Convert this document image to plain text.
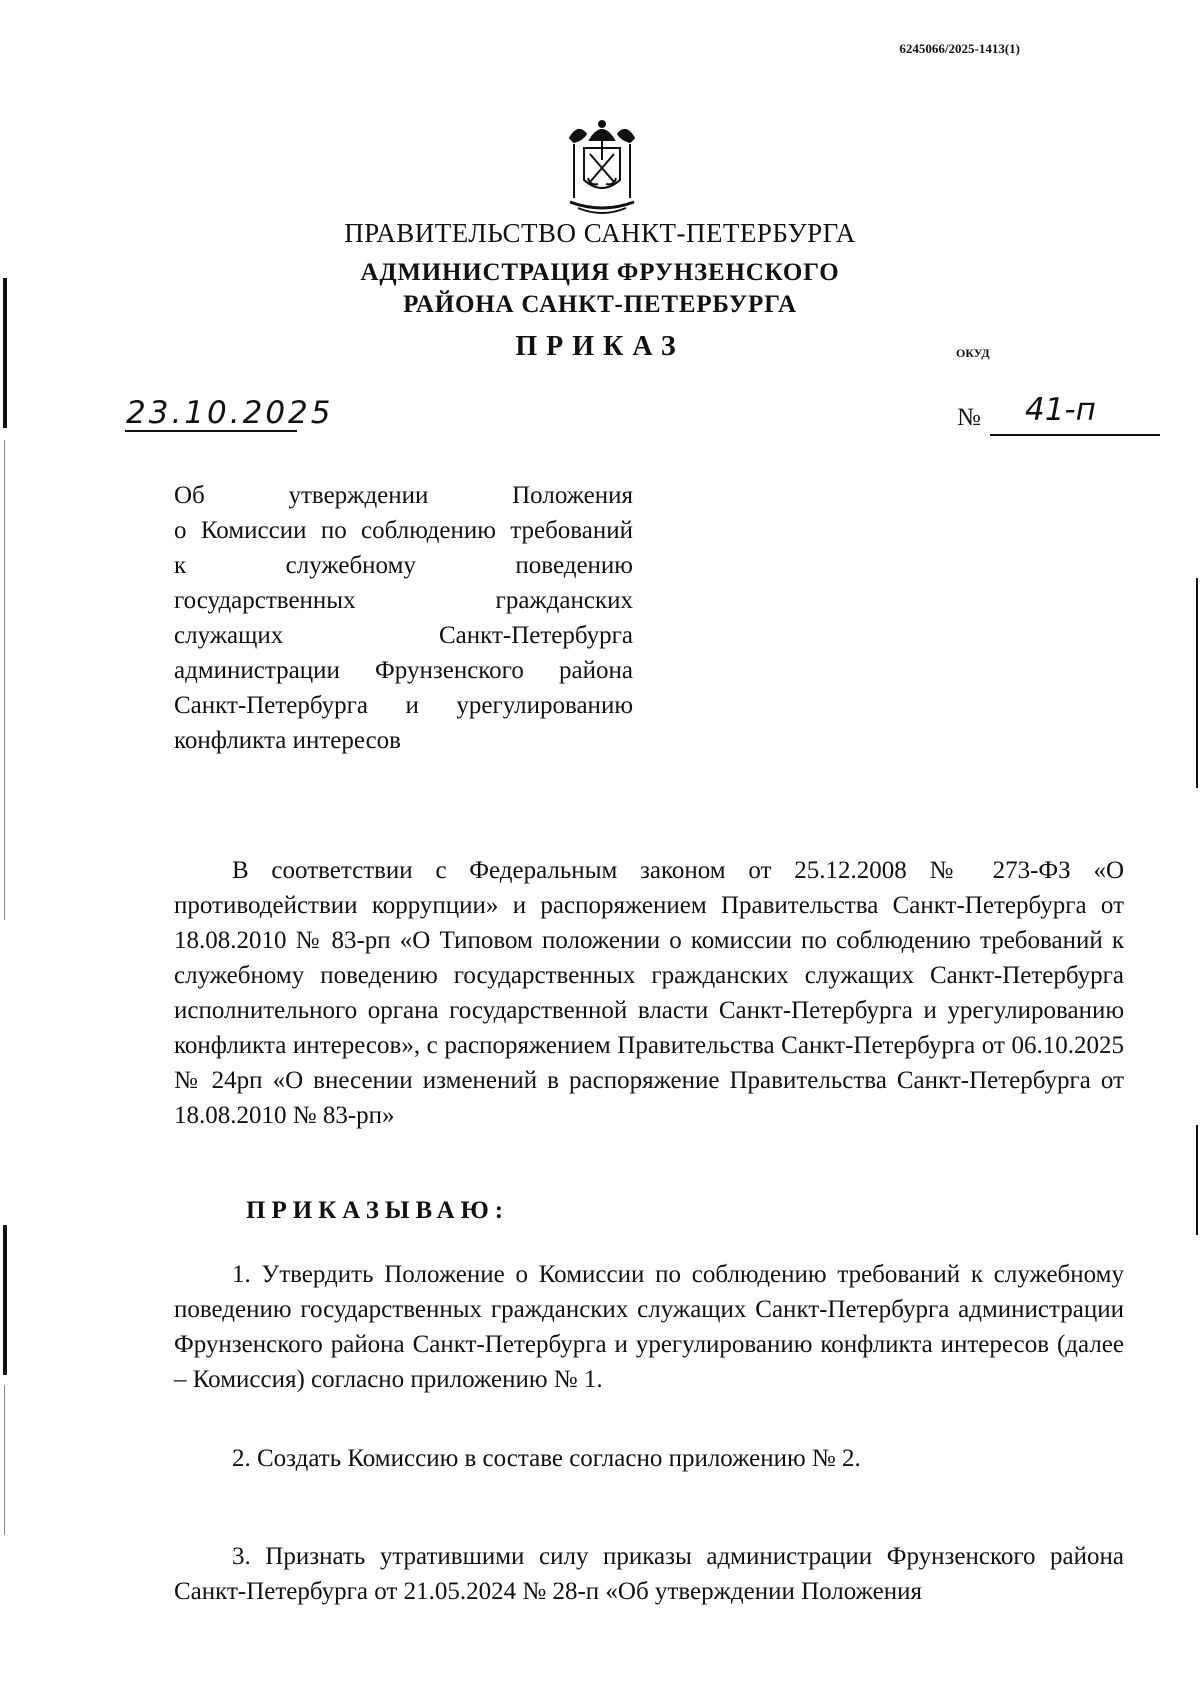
6245066/2025-1413(1)
ПРАВИТЕЛЬСТВО САНКТ-ПЕТЕРБУРГА
АДМИНИСТРАЦИЯ ФРУНЗЕНСКОГО
РАЙОНА САНКТ-ПЕТЕРБУРГА
ПРИКАЗ	ОКУД
23.10.2025	№ 41-п
Об утверждении Положения
о Комиссии по соблюдению требований
к служебному поведению
государственных гражданских
служащих Санкт-Петербурга
администрации Фрунзенского района
Санкт-Петербурга и урегулированию
конфликта интересов
В соответствии с Федеральным законом от 25.12.2008 № 273-ФЗ «О противодействии коррупции» и распоряжением Правительства Санкт-Петербурга от 18.08.2010 № 83-рп «О Типовом положении о комиссии по соблюдению требований к служебному поведению государственных гражданских служащих Санкт-Петербурга исполнительного органа государственной власти Санкт-Петербурга и урегулированию конфликта интересов», с распоряжением Правительства Санкт-Петербурга от 06.10.2025 № 24рп «О внесении изменений в распоряжение Правительства Санкт-Петербурга от 18.08.2010 № 83-рп»
ПРИКАЗЫВАЮ:
1. Утвердить Положение о Комиссии по соблюдению требований к служебному поведению государственных гражданских служащих Санкт-Петербурга администрации Фрунзенского района Санкт-Петербурга и урегулированию конфликта интересов (далее – Комиссия) согласно приложению № 1.
2. Создать Комиссию в составе согласно приложению № 2.
3. Признать утратившими силу приказы администрации Фрунзенского района Санкт-Петербурга от 21.05.2024 № 28-п «Об утверждении Положения
